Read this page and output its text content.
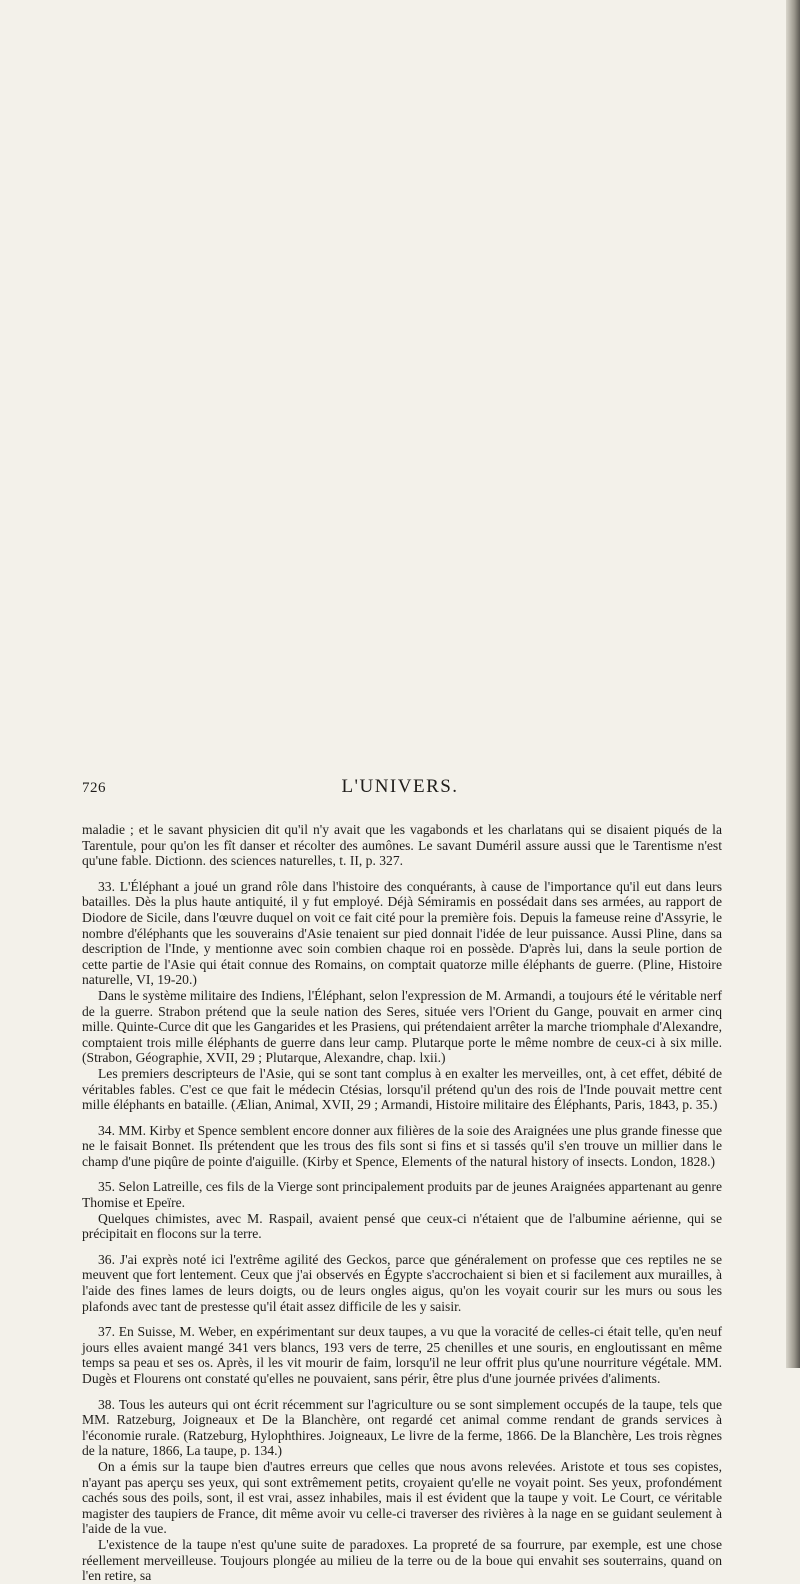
726	L'UNIVERS.

maladie ; et le savant physicien dit qu'il n'y avait que les vagabonds et les charlatans qui se disaient piqués de la Tarentule, pour qu'on les fît danser et récolter des aumônes. Le savant Duméril assure aussi que le Tarentisme n'est qu'une fable. Dictionn. des sciences naturelles, t. II, p. 327.

33. L'Éléphant a joué un grand rôle dans l'histoire des conquérants, à cause de l'importance qu'il eut dans leurs batailles. Dès la plus haute antiquité, il y fut employé. Déjà Sémiramis en possédait dans ses armées, au rapport de Diodore de Sicile, dans l'œuvre duquel on voit ce fait cité pour la première fois. Depuis la fameuse reine d'Assyrie, le nombre d'éléphants que les souverains d'Asie tenaient sur pied donnait l'idée de leur puissance. Aussi Pline, dans sa description de l'Inde, y mentionne avec soin combien chaque roi en possède. D'après lui, dans la seule portion de cette partie de l'Asie qui était connue des Romains, on comptait quatorze mille éléphants de guerre. (Pline, Histoire naturelle, VI, 19-20.)

Dans le système militaire des Indiens, l'Éléphant, selon l'expression de M. Armandi, a toujours été le véritable nerf de la guerre. Strabon prétend que la seule nation des Seres, située vers l'Orient du Gange, pouvait en armer cinq mille. Quinte-Curce dit que les Gangarides et les Prasiens, qui prétendaient arrêter la marche triomphale d'Alexandre, comptaient trois mille éléphants de guerre dans leur camp. Plutarque porte le même nombre de ceux-ci à six mille. (Strabon, Géographie, XVII, 29 ; Plutarque, Alexandre, chap. lxii.)

Les premiers descripteurs de l'Asie, qui se sont tant complus à en exalter les merveilles, ont, à cet effet, débité de véritables fables. C'est ce que fait le médecin Ctésias, lorsqu'il prétend qu'un des rois de l'Inde pouvait mettre cent mille éléphants en bataille. (Ælian, Animal, XVII, 29 ; Armandi, Histoire militaire des Éléphants, Paris, 1843, p. 35.)

34. MM. Kirby et Spence semblent encore donner aux filières de la soie des Araignées une plus grande finesse que ne le faisait Bonnet. Ils prétendent que les trous des fils sont si fins et si tassés qu'il s'en trouve un millier dans le champ d'une piqûre de pointe d'aiguille. (Kirby et Spence, Elements of the natural history of insects. London, 1828.)

35. Selon Latreille, ces fils de la Vierge sont principalement produits par de jeunes Araignées appartenant au genre Thomise et Epeïre.

Quelques chimistes, avec M. Raspail, avaient pensé que ceux-ci n'étaient que de l'albumine aérienne, qui se précipitait en flocons sur la terre.

36. J'ai exprès noté ici l'extrême agilité des Geckos, parce que généralement on professe que ces reptiles ne se meuvent que fort lentement. Ceux que j'ai observés en Égypte s'accrochaient si bien et si facilement aux murailles, à l'aide des fines lames de leurs doigts, ou de leurs ongles aigus, qu'on les voyait courir sur les murs ou sous les plafonds avec tant de prestesse qu'il était assez difficile de les y saisir.

37. En Suisse, M. Weber, en expérimentant sur deux taupes, a vu que la voracité de celles-ci était telle, qu'en neuf jours elles avaient mangé 341 vers blancs, 193 vers de terre, 25 chenilles et une souris, en engloutissant en même temps sa peau et ses os. Après, il les vit mourir de faim, lorsqu'il ne leur offrit plus qu'une nourriture végétale. MM. Dugès et Flourens ont constaté qu'elles ne pouvaient, sans périr, être plus d'une journée privées d'aliments.

38. Tous les auteurs qui ont écrit récemment sur l'agriculture ou se sont simplement occupés de la taupe, tels que MM. Ratzeburg, Joigneaux et De la Blanchère, ont regardé cet animal comme rendant de grands services à l'économie rurale. (Ratzeburg, Hylophthires. Joigneaux, Le livre de la ferme, 1866. De la Blanchère, Les trois règnes de la nature, 1866, La taupe, p. 134.)

On a émis sur la taupe bien d'autres erreurs que celles que nous avons relevées. Aristote et tous ses copistes, n'ayant pas aperçu ses yeux, qui sont extrêmement petits, croyaient qu'elle ne voyait point. Ses yeux, profondément cachés sous des poils, sont, il est vrai, assez inhabiles, mais il est évident que la taupe y voit. Le Court, ce véritable magister des taupiers de France, dit même avoir vu celle-ci traverser des rivières à la nage en se guidant seulement à l'aide de la vue.

L'existence de la taupe n'est qu'une suite de paradoxes. La propreté de sa fourrure, par exemple, est une chose réellement merveilleuse. Toujours plongée au milieu de la terre ou de la boue qui envahit ses souterrains, quand on l'en retire, sa
